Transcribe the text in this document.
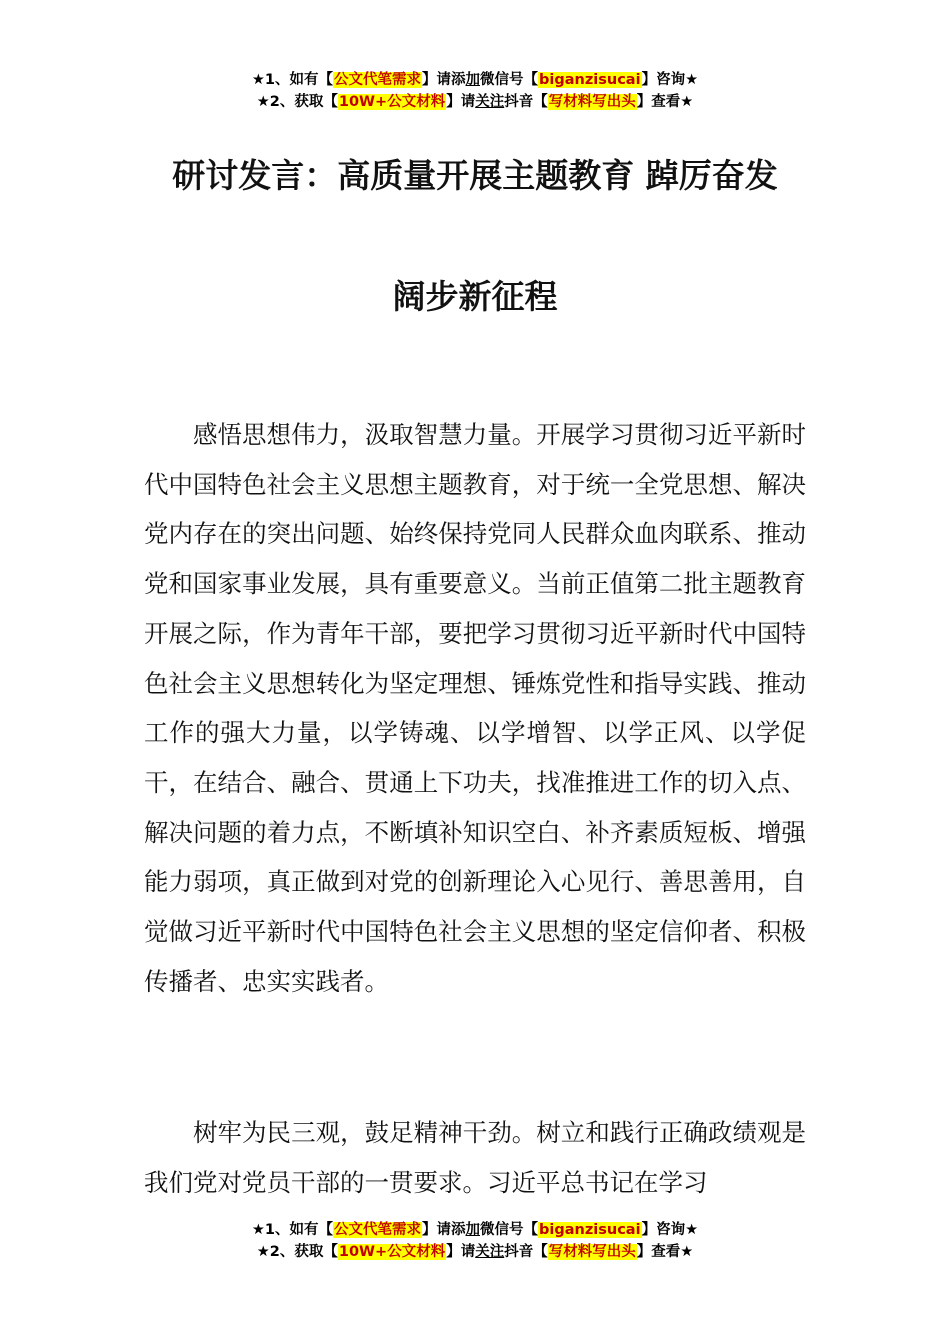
★1、如有【公文代笔需求】请添加微信号【biganzisucai】咨询★
★2、获取【10W+公文材料】请关注抖音【写材料写出头】查看★
研讨发言：高质量开展主题教育 踔厉奋发
阔步新征程

感悟思想伟力，汲取智慧力量。开展学习贯彻习近平新时代中国特色社会主义思想主题教育，对于统一全党思想、解决党内存在的突出问题、始终保持党同人民群众血肉联系、推动党和国家事业发展，具有重要意义。当前正值第二批主题教育开展之际，作为青年干部，要把学习贯彻习近平新时代中国特色社会主义思想转化为坚定理想、锤炼党性和指导实践、推动工作的强大力量，以学铸魂、以学增智、以学正风、以学促干，在结合、融合、贯通上下功夫，找准推进工作的切入点、解决问题的着力点，不断填补知识空白、补齐素质短板、增强能力弱项，真正做到对党的创新理论入心见行、善思善用，自觉做习近平新时代中国特色社会主义思想的坚定信仰者、积极传播者、忠实实践者。

树牢为民三观，鼓足精神干劲。树立和践行正确政绩观是我们党对党员干部的一贯要求。习近平总书记在学习

★1、如有【公文代笔需求】请添加微信号【biganzisucai】咨询★
★2、获取【10W+公文材料】请关注抖音【写材料写出头】查看★
